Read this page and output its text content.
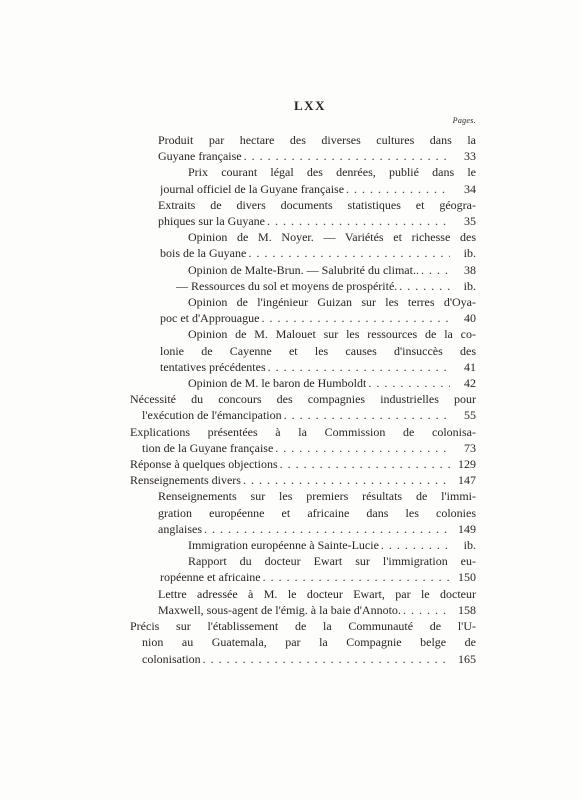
LXX
Pages.
Produit par hectare des diverses cultures dans la
Guyane française . . .	33
Prix courant légal des denrées, publié dans le
journal officiel de la Guyane française . . .	34
Extraits de divers documents statistiques et géogra-
phiques sur la Guyane . . .	35
Opinion de M. Noyer. — Variétés et richesse des
bois de la Guyane . . .	ib.
Opinion de Malte-Brun. — Salubrité du climat.. . . .	38
— Ressources du sol et moyens de prospérité. . . .	ib.
Opinion de l'ingénieur Guizan sur les terres d'Oya-
poc et d'Approuague . . .	40
Opinion de M. Malouet sur les ressources de la co-
lonie de Cayenne et les causes d'insuccès des
tentatives précédentes . . .	41
Opinion de M. le baron de Humboldt . . .	42
Nécessité du concours des compagnies industrielles pour
l'exécution de l'émancipation . . .	55
Explications présentées à la Commission de colonisa-
tion de la Guyane française . . .	73
Réponse à quelques objections . . .	129
Renseignements divers . . .	147
Renseignements sur les premiers résultats de l'immi-
gration européenne et africaine dans les colonies
anglaises . . .	149
Immigration européenne à Sainte-Lucie . . .	ib.
Rapport du docteur Ewart sur l'immigration eu-
ropéenne et africaine . . .	150
Lettre adressée à M. le docteur Ewart, par le docteur
Maxwell, sous-agent de l'émig. à la baie d'Annoto. . . .	158
Précis sur l'établissement de la Communauté de l'U-
nion au Guatemala, par la Compagnie belge de
colonisation . . .	165
